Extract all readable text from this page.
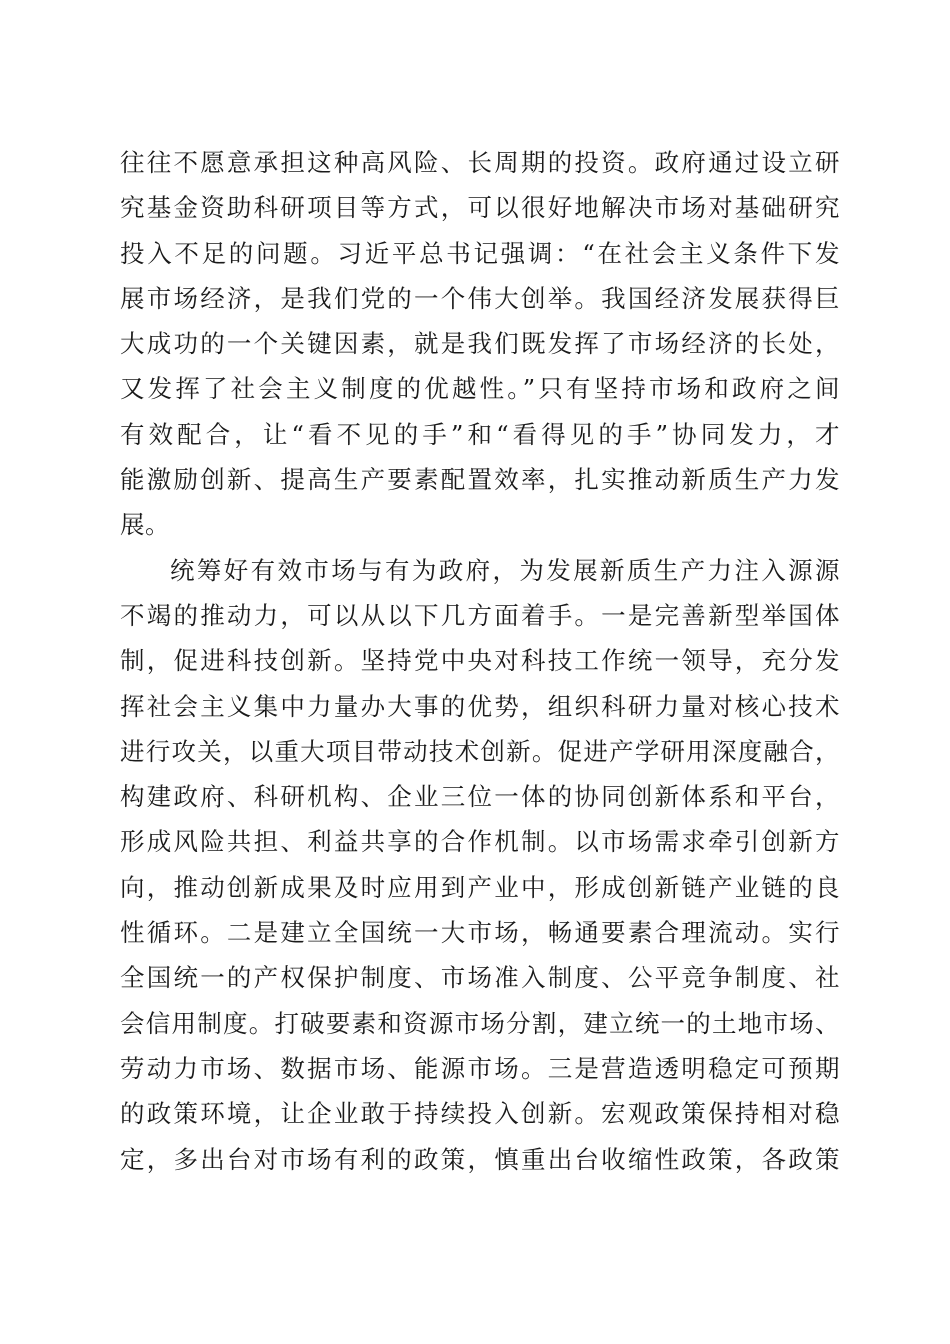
往往不愿意承担这种高风险、长周期的投资。政府通过设立研
究基金资助科研项目等方式，可以很好地解决市场对基础研究
投入不足的问题。习近平总书记强调：“在社会主义条件下发
展市场经济，是我们党的一个伟大创举。我国经济发展获得巨
大成功的一个关键因素，就是我们既发挥了市场经济的长处，
又发挥了社会主义制度的优越性。”只有坚持市场和政府之间
有效配合，让“看不见的手”和“看得见的手”协同发力，才
能激励创新、提高生产要素配置效率，扎实推动新质生产力发
展。
统筹好有效市场与有为政府，为发展新质生产力注入源源
不竭的推动力，可以从以下几方面着手。一是完善新型举国体
制，促进科技创新。坚持党中央对科技工作统一领导，充分发
挥社会主义集中力量办大事的优势，组织科研力量对核心技术
进行攻关，以重大项目带动技术创新。促进产学研用深度融合，
构建政府、科研机构、企业三位一体的协同创新体系和平台，
形成风险共担、利益共享的合作机制。以市场需求牵引创新方
向，推动创新成果及时应用到产业中，形成创新链产业链的良
性循环。二是建立全国统一大市场，畅通要素合理流动。实行
全国统一的产权保护制度、市场准入制度、公平竞争制度、社
会信用制度。打破要素和资源市场分割，建立统一的土地市场、
劳动力市场、数据市场、能源市场。三是营造透明稳定可预期
的政策环境，让企业敢于持续投入创新。宏观政策保持相对稳
定，多出台对市场有利的政策，慎重出台收缩性政策，各政策
